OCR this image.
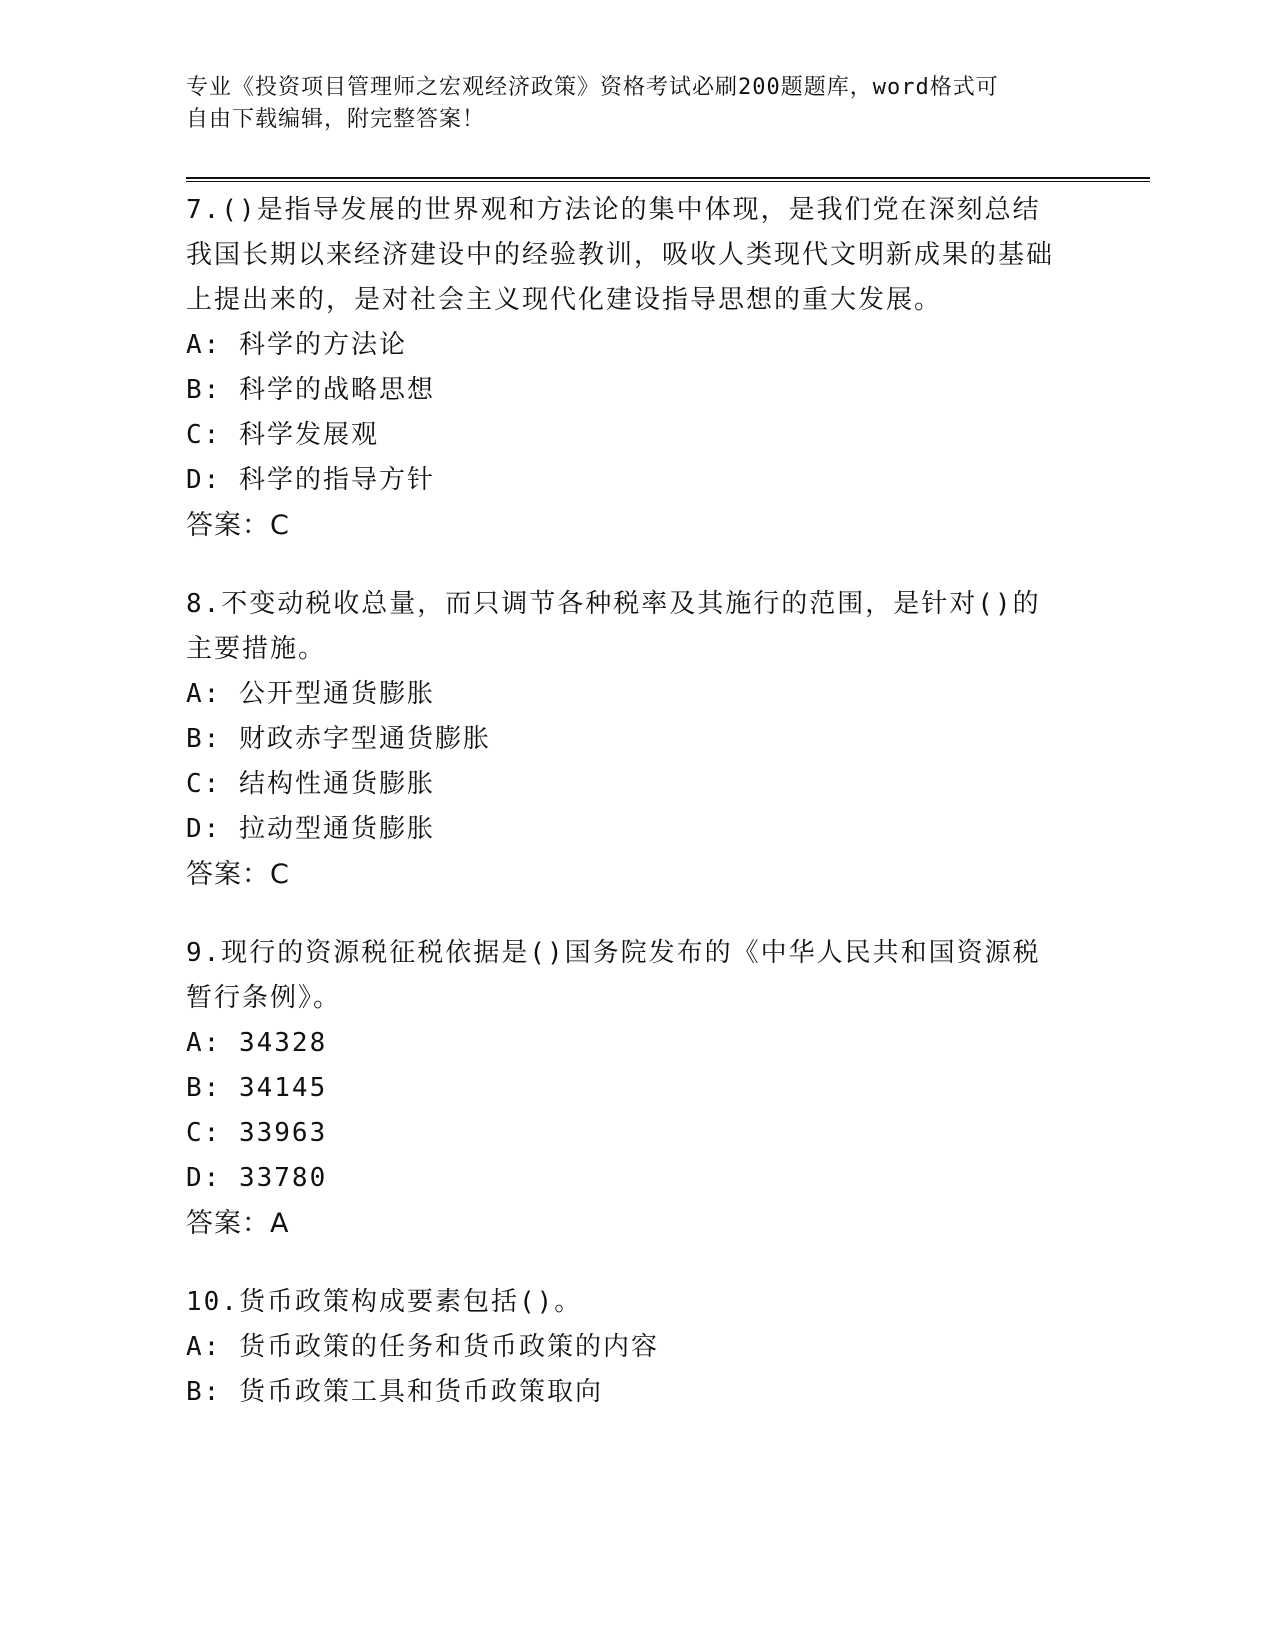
专业《投资项目管理师之宏观经济政策》资格考试必刷200题题库，word格式可
自由下载编辑，附完整答案！
7.()是指导发展的世界观和方法论的集中体现，是我们党在深刻总结我国长期以来经济建设中的经验教训，吸收人类现代文明新成果的基础上提出来的，是对社会主义现代化建设指导思想的重大发展。
A: 科学的方法论
B: 科学的战略思想
C: 科学发展观
D: 科学的指导方针
答案：C
8.不变动税收总量，而只调节各种税率及其施行的范围，是针对()的主要措施。
A: 公开型通货膨胀
B: 财政赤字型通货膨胀
C: 结构性通货膨胀
D: 拉动型通货膨胀
答案：C
9.现行的资源税征税依据是()国务院发布的《中华人民共和国资源税暂行条例》。
A: 34328
B: 34145
C: 33963
D: 33780
答案：A
10.货币政策构成要素包括()。
A: 货币政策的任务和货币政策的内容
B: 货币政策工具和货币政策取向
